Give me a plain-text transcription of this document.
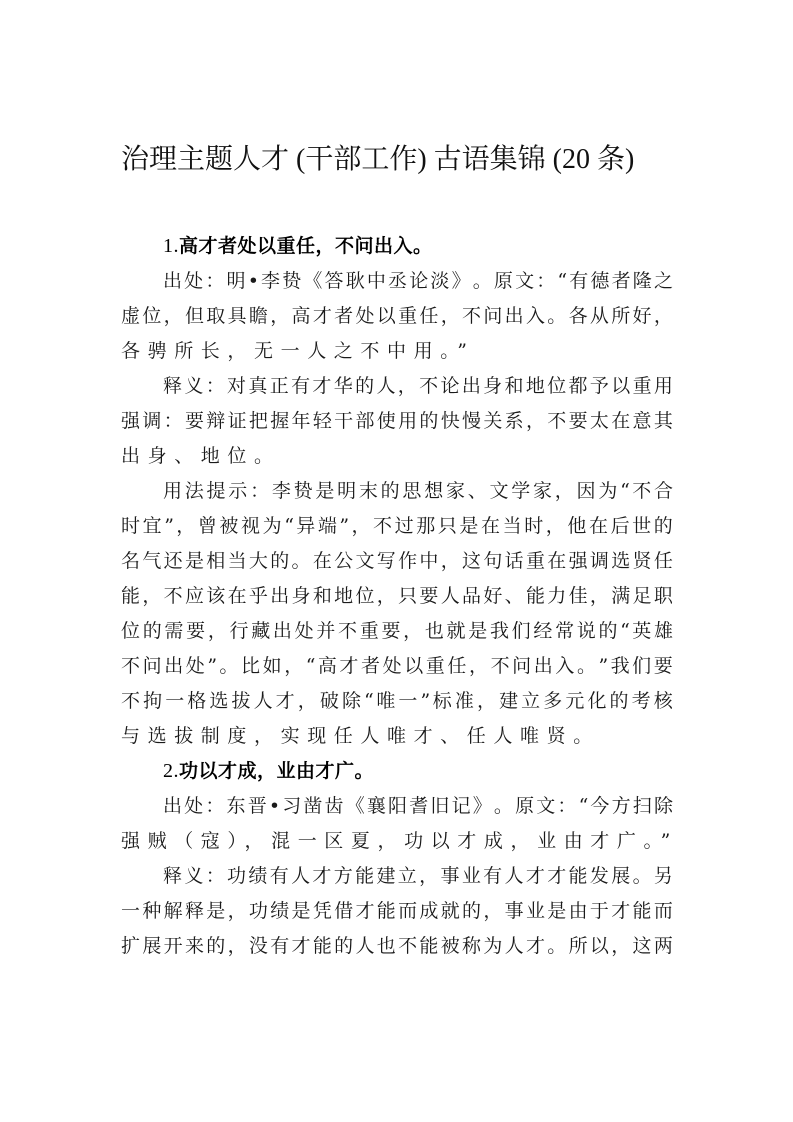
治理主题人才 (干部工作) 古语集锦 (20 条)
1.高才者处以重任，不问出入。
出 处 ： 明 • 李 贽 《 答 耿 中 丞 论 淡 》 。 原 文 ： “ 有 德 者 隆 之
虚 位 ， 但 取 具 瞻 ， 高 才 者 处 以 重 任 ， 不 问 出 入 。 各 从 所 好 ，
各骋所长，无一人之不中用。”
释 义 ： 对 真 正 有 才 华 的 人 ， 不 论 出 身 和 地 位 都 予 以 重 用
强 调 ： 要 辩 证 把 握 年 轻 干 部 使 用 的 快 慢 关 系 ， 不 要 太 在 意 其
出身、地位。
用 法 提 示 ： 李 贽 是 明 末 的 思 想 家 、 文 学 家 ， 因 为 “ 不 合
时 宜 ” ， 曾 被 视 为 “ 异 端 ” ， 不 过 那 只 是 在 当 时 ， 他 在 后 世 的
名 气 还 是 相 当 大 的 。 在 公 文 写 作 中 ， 这 句 话 重 在 强 调 选 贤 任
能 ， 不 应 该 在 乎 出 身 和 地 位 ， 只 要 人 品 好 、 能 力 佳 ， 满 足 职
位 的 需 要 ， 行 藏 出 处 并 不 重 要 ， 也 就 是 我 们 经 常 说 的 “ 英 雄
不 问 出 处 ” 。 比 如 ， “ 高 才 者 处 以 重 任 ， 不 问 出 入 。 ” 我 们 要
不 拘 一 格 选 拔 人 才 ， 破 除 “ 唯 一 ” 标 准 ， 建 立 多 元 化 的 考 核
与选拔制度，实现任人唯才、任人唯贤。
2.功以才成，业由才广。
出 处 ： 东 晋 • 习 凿 齿 《 襄 阳 耆 旧 记 》 。 原 文 ： “ 今 方 扫 除
强贼（寇），混一区夏，功以才成，业由才广。”
释 义 ： 功 绩 有 人 才 方 能 建 立 ， 事 业 有 人 才 才 能 发 展 。 另
一 种 解 释 是 ， 功 绩 是 凭 借 才 能 而 成 就 的 ， 事 业 是 由 于 才 能 而
扩 展 开 来 的 ， 没 有 才 能 的 人 也 不 能 被 称 为 人 才 。 所 以 ， 这 两
